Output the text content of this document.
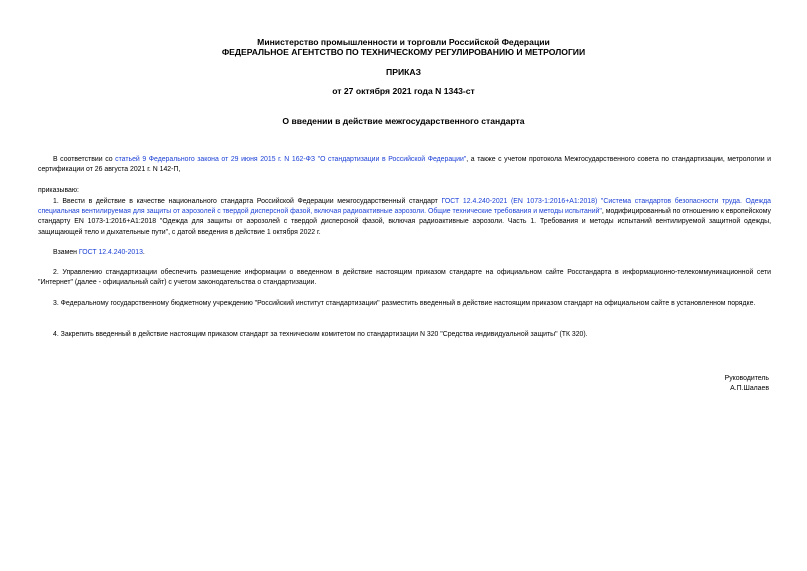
Министерство промышленности и торговли Российской Федерации
ФЕДЕРАЛЬНОЕ АГЕНТСТВО ПО ТЕХНИЧЕСКОМУ РЕГУЛИРОВАНИЮ И МЕТРОЛОГИИ
ПРИКАЗ
от 27 октября 2021 года N 1343-ст
О введении в действие межгосударственного стандарта
В соответствии со статьей 9 Федерального закона от 29 июня 2015 г. N 162-ФЗ "О стандартизации в Российской Федерации", а также с учетом протокола Межгосударственного совета по стандартизации, метрологии и сертификации от 26 августа 2021 г. N 142-П,
приказываю:
1. Ввести в действие в качестве национального стандарта Российской Федерации межгосударственный стандарт ГОСТ 12.4.240-2021 (EN 1073-1:2016+A1:2018) "Система стандартов безопасности труда. Одежда специальная вентилируемая для защиты от аэрозолей с твердой дисперсной фазой, включая радиоактивные аэрозоли. Общие технические требования и методы испытаний", модифицированный по отношению к европейскому стандарту EN 1073-1:2016+A1:2018 "Одежда для защиты от аэрозолей с твердой дисперсной фазой, включая радиоактивные аэрозоли. Часть 1. Требования и методы испытаний вентилируемой защитной одежды, защищающей тело и дыхательные пути", с датой введения в действие 1 октября 2022 г.
Взамен ГОСТ 12.4.240-2013.
2. Управлению стандартизации обеспечить размещение информации о введенном в действие настоящим приказом стандарте на официальном сайте Росстандарта в информационно-телекоммуникационной сети "Интернет" (далее - официальный сайт) с учетом законодательства о стандартизации.
3. Федеральному государственному бюджетному учреждению "Российский институт стандартизации" разместить введенный в действие настоящим приказом стандарт на официальном сайте в установленном порядке.
4. Закрепить введенный в действие настоящим приказом стандарт за техническим комитетом по стандартизации N 320 "Средства индивидуальной защиты" (ТК 320).
Руководитель
А.П.Шалаев
